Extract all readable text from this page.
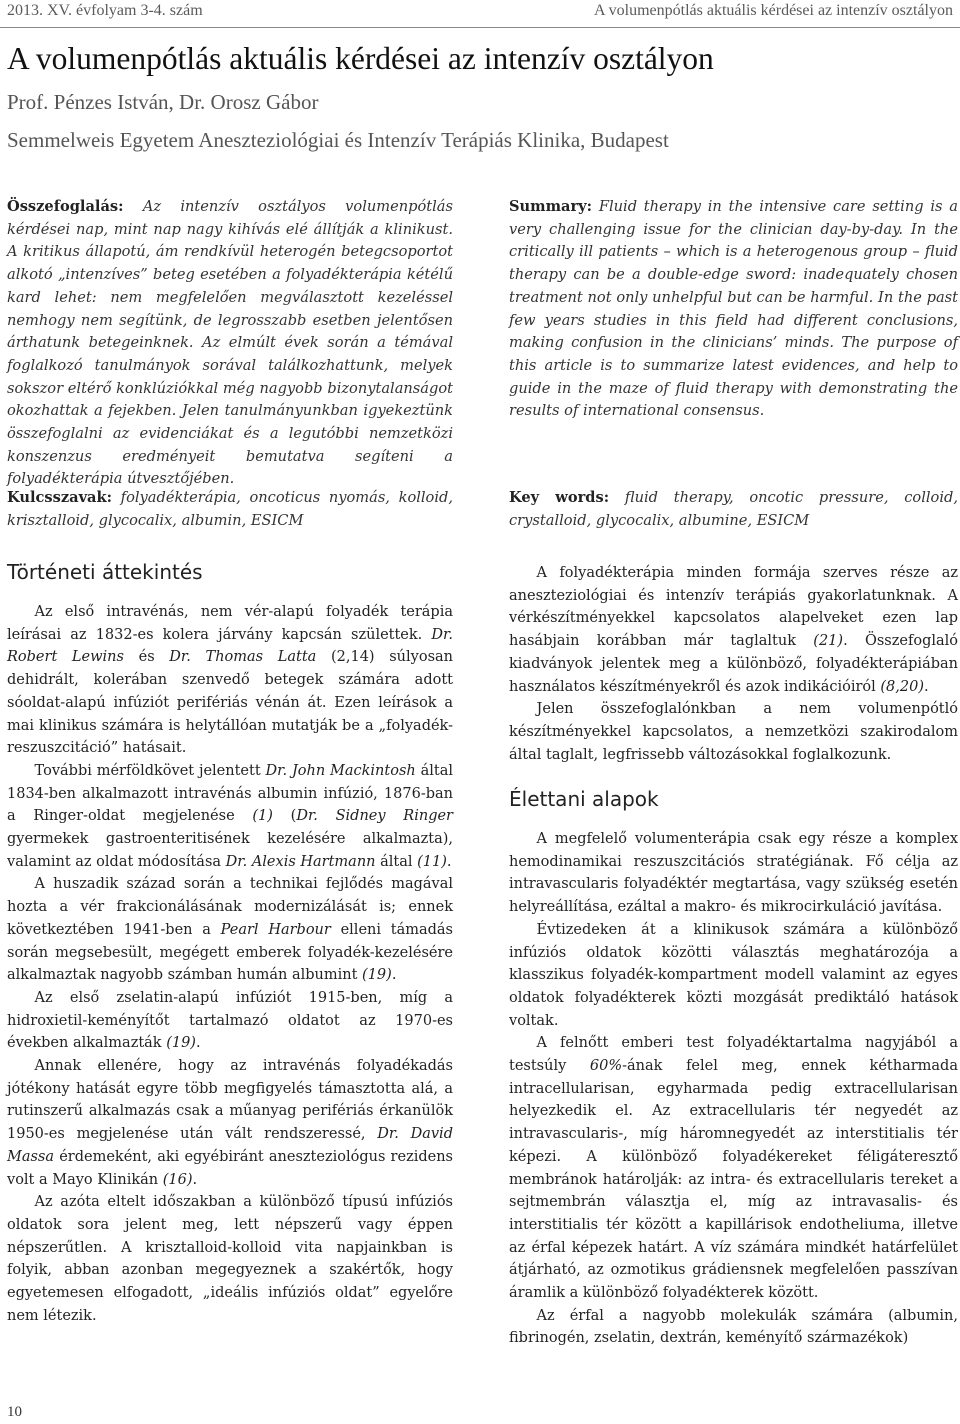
2013. XV. évfolyam 3-4. szám	A volumenpótlás aktuális kérdései az intenzív osztályon
A volumenpótlás aktuális kérdései az intenzív osztályon
Prof. Pénzes István, Dr. Orosz Gábor
Semmelweis Egyetem Aneszteziológiai és Intenzív Terápiás Klinika, Budapest
Összefoglalás: Az intenzív osztályos volumenpótlás kérdései nap, mint nap nagy kihívás elé állítják a klinikust. A kritikus állapotú, ám rendkívül heterogén betegcsoportot alkotó „intenzíves” beteg esetében a folyadékterápia kétélű kard lehet: nem megfelelően megválasztott kezeléssel nemhogy nem segítünk, de legrosszabb esetben jelentősen árthatunk betegeinknek. Az elmúlt évek során a témával foglalkozó tanulmányok sorával találkozhattunk, melyek sokszor eltérő konklúziókkal még nagyobb bizonytalanságot okozhattak a fejekben. Jelen tanulmányunkban igyekeztünk összefoglalni az evidenciákat és a legutóbbi nemzetközi konszenzus eredményeit bemutatva segíteni a folyadékterápia útvesztőjében.
Summary: Fluid therapy in the intensive care setting is a very challenging issue for the clinician day-by-day. In the critically ill patients – which is a heterogenous group – fluid therapy can be a double-edge sword: inadequately chosen treatment not only unhelpful but can be harmful. In the past few years studies in this field had different conclusions, making confusion in the clinicians’ minds. The purpose of this article is to summarize latest evidences, and help to guide in the maze of fluid therapy with demonstrating the results of international consensus.
Kulcsszavak: folyadékterápia, oncoticus nyomás, kolloid, krisztalloid, glycocalix, albumin, ESICM
Key words: fluid therapy, oncotic pressure, colloid, crystalloid, glycocalix, albumine, ESICM
Történeti áttekintés

Az első intravénás, nem vér-alapú folyadék terápia leírásai az 1832-es kolera járvány kapcsán születtek. Dr. Robert Lewins és Dr. Thomas Latta (2,14) súlyosan dehidrált, kolerában szenvedő betegek számára adott sóoldat-alapú infúziót perifériás vénán át. Ezen leírások a mai klinikus számára is helytállóan mutatják be a „folyadék-reszuszcitáció” hatásait.

További mérföldkövet jelentett Dr. John Mackintosh által 1834-ben alkalmazott intravénás albumin infúzió, 1876-ban a Ringer-oldat megjelenése (1) (Dr. Sidney Ringer gyermekek gastroenteritisének kezelésére alkalmazta), valamint az oldat módosítása Dr. Alexis Hartmann által (11).

A huszadik század során a technikai fejlődés magával hozta a vér frakcionálásának modernizálását is; ennek következtében 1941-ben a Pearl Harbour elleni támadás során megsebesült, megégett emberek folyadék-kezelésére alkalmaztak nagyobb számban humán albumint (19).

Az első zselatin-alapú infúziót 1915-ben, míg a hidroxietil-keményítőt tartalmazó oldatot az 1970-es években alkalmazták (19).

Annak ellenére, hogy az intravénás folyadékadás jótékony hatását egyre több megfigyelés támasztotta alá, a rutinszerű alkalmazás csak a műanyag perifériás érkanülök 1950-es megjelenése után vált rendszeressé, Dr. David Massa érdemeként, aki egyébiránt aneszteziológus rezidens volt a Mayo Klinikán (16).

Az azóta eltelt időszakban a különböző típusú infúziós oldatok sora jelent meg, lett népszerű vagy éppen népszerűtlen. A krisztalloid-kolloid vita napjainkban is folyik, abban azonban megegyeznek a szakértők, hogy egyetemesen elfogadott, „ideális infúziós oldat” egyelőre nem létezik.

A folyadékterápia minden formája szerves része az aneszteziológiai és intenzív terápiás gyakorlatunknak. A vérkészítményekkel kapcsolatos alapelveket ezen lap hasábjain korábban már taglaltuk (21). Összefoglaló kiadványok jelentek meg a különböző, folyadékterápiában használatos készítményekről és azok indikációiról (8,20).

Jelen összefoglalónkban a nem volumenpótló készítményekkel kapcsolatos, a nemzetközi szakirodalom által taglalt, legfrissebb változásokkal foglalkozunk.

Élettani alapok

A megfelelő volumenterápia csak egy része a komplex hemodinamikai reszuszcitációs stratégiának. Fő célja az intravascularis folyadéktér megtartása, vagy szükség esetén helyreállítása, ezáltal a makro- és mikrocirkuláció javítása.

Évtizedeken át a klinikusok számára a különböző infúziós oldatok közötti választás meghatározója a klasszikus folyadék-kompartment modell valamint az egyes oldatok folyadékterek közti mozgását prediktáló hatások voltak.

A felnőtt emberi test folyadéktartalma nagyjából a testsúly 60%-ának felel meg, ennek kétharmada intracellularisan, egyharmada pedig extracellularisan helyezkedik el. Az extracellularis tér negyedét az intravascularis-, míg háromnegyedét az interstitialis tér képezi. A különböző folyadékereket féligáteresztő membránok határolják: az intra- és extracellularis tereket a sejtmembrán választja el, míg az intravasalis- és interstitialis tér között a kapillárisok endotheliuma, illetve az érfal képezek határt. A víz számára mindkét határfelület átjárható, az ozmotikus grádiensnek megfelelően passzívan áramlik a különböző folyadékterek között.

Az érfal a nagyobb molekulák számára (albumin, fibrinogén, zselatin, dextrán, keményítő származékok)

10
